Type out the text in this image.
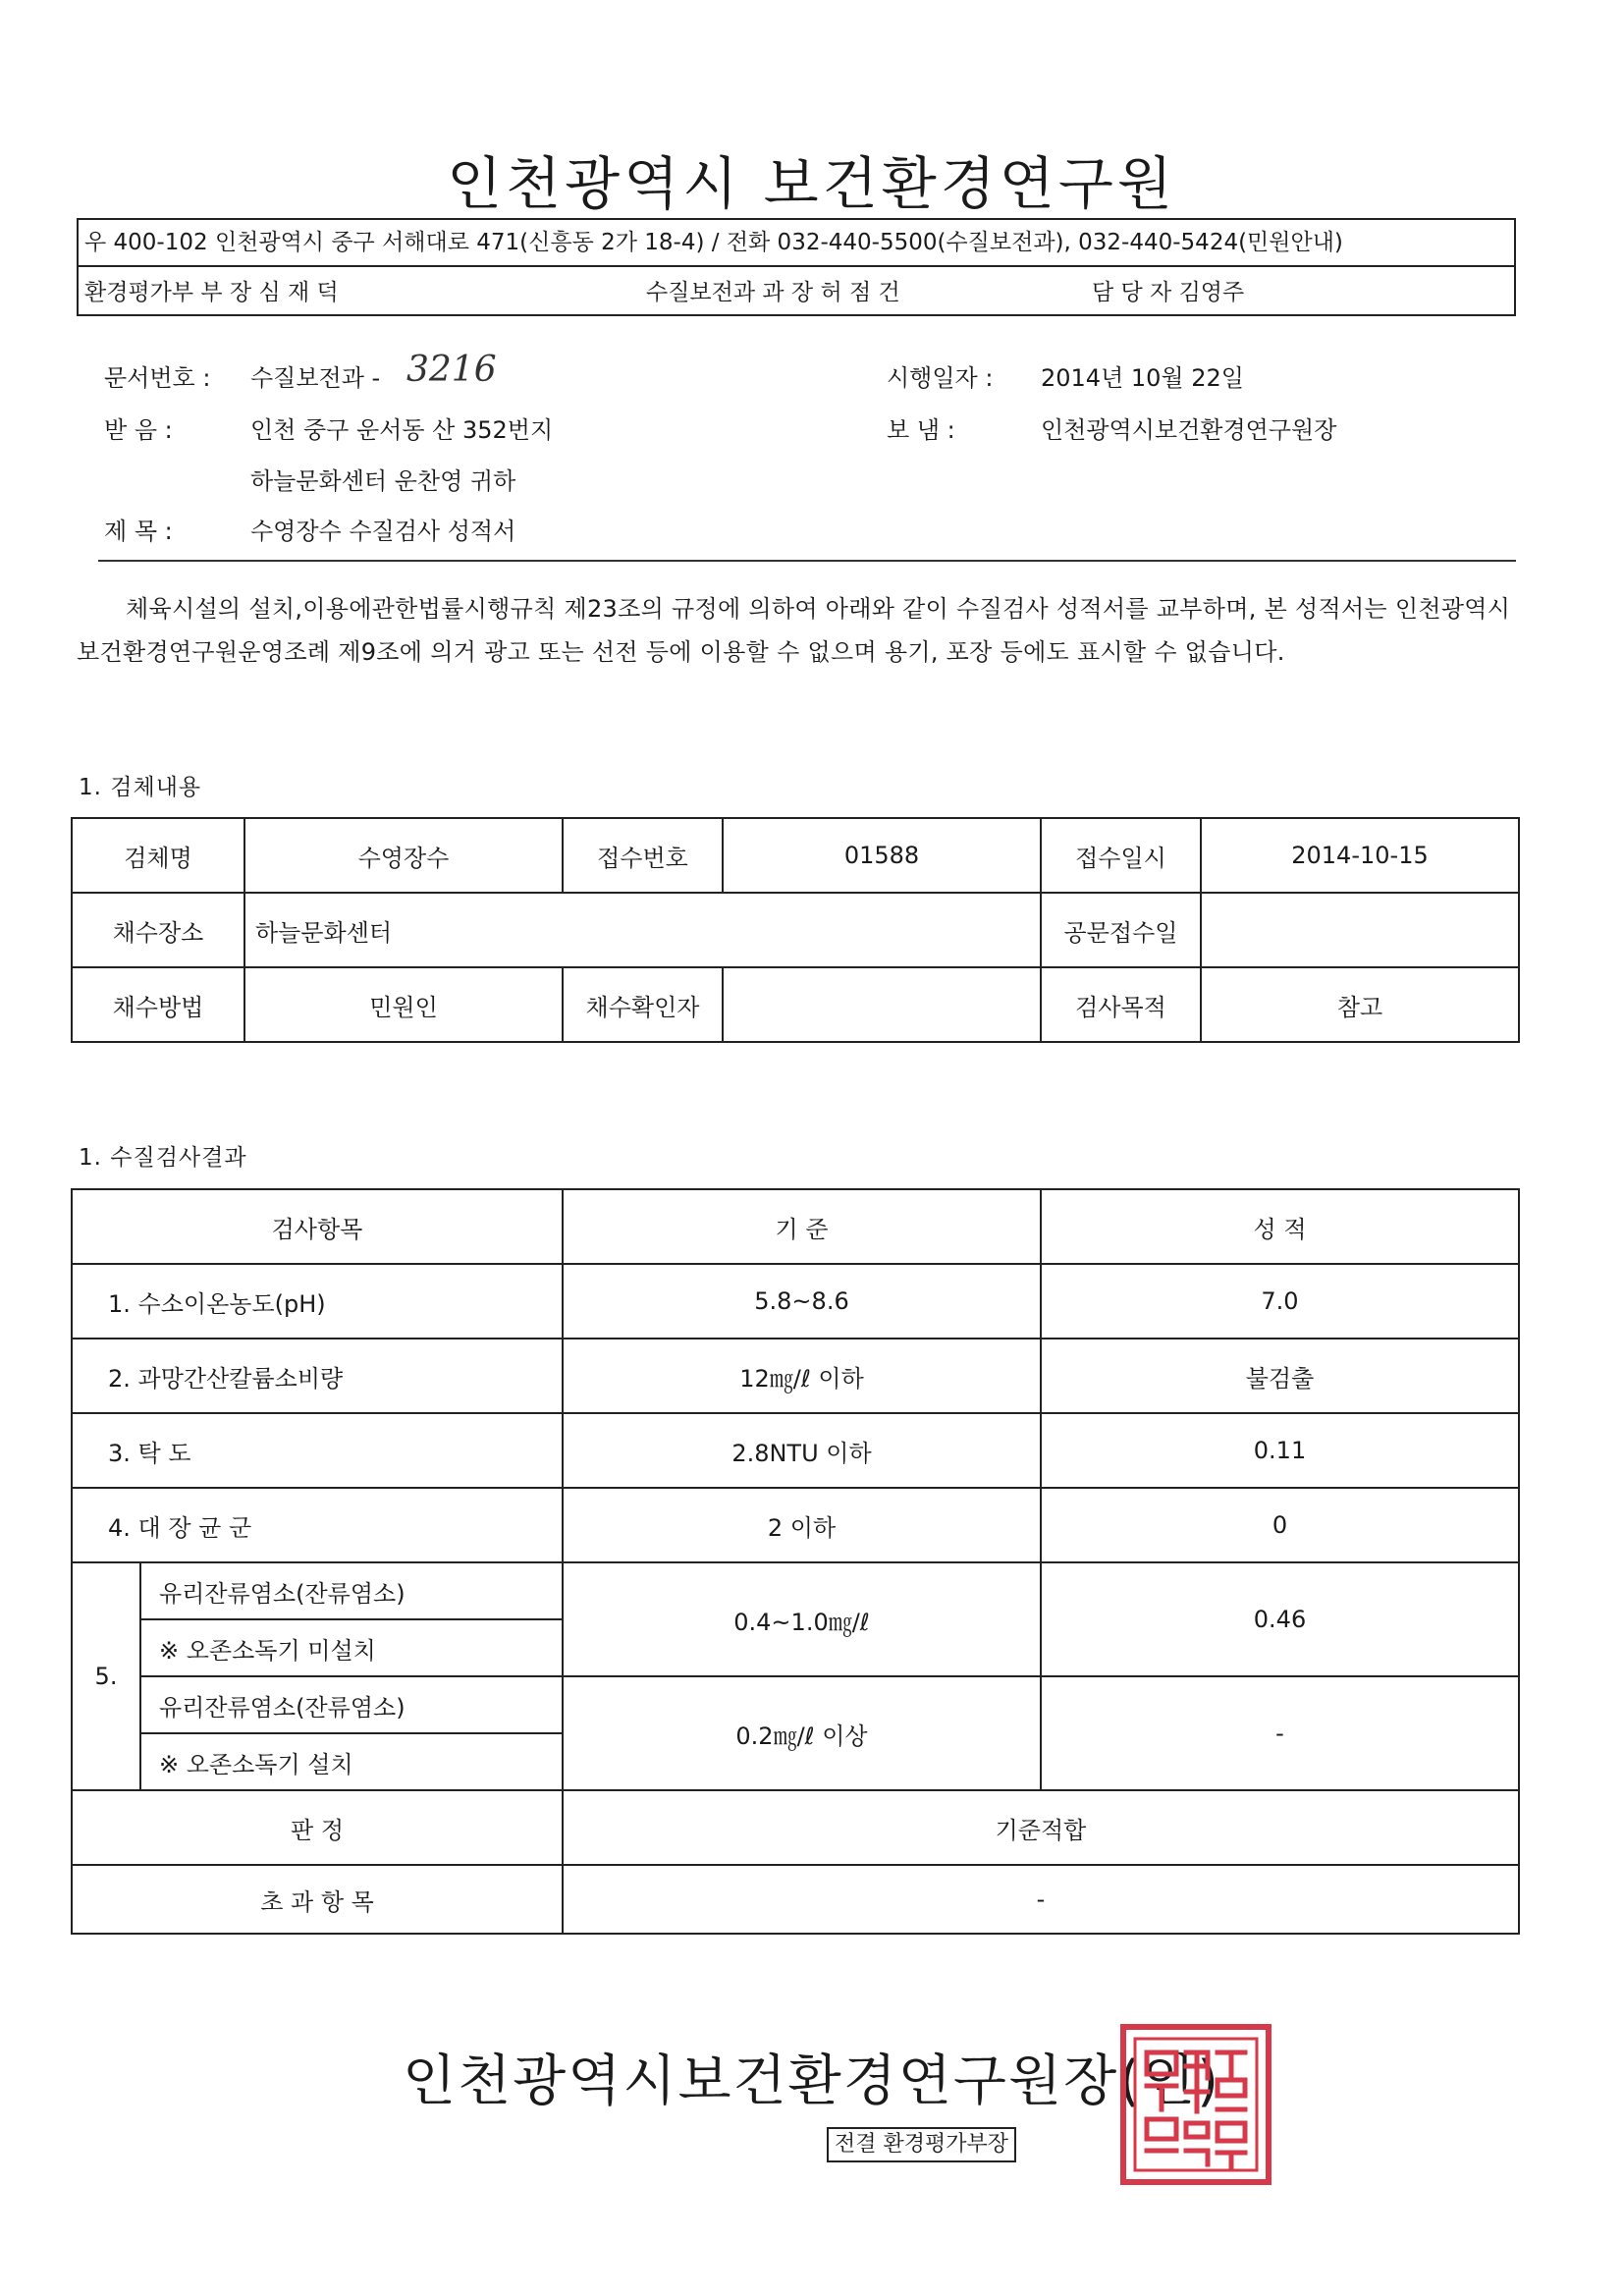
인천광역시 보건환경연구원
우 400-102 인천광역시 중구 서해대로 471(신흥동 2가 18-4) / 전화 032-440-5500(수질보전과), 032-440-5424(민원안내)
환경평가부 부 장 심 재 덕	수질보전과 과 장 허 점 건	담 당 자 김영주
문서번호 : 수질보전과 - 3216	시행일자 : 2014년 10월 22일
받 음 :	인천 중구 운서동 산 352번지	보 냄 :	인천광역시보건환경연구원장
하늘문화센터 운찬영 귀하
제 목 :	수영장수 수질검사 성적서
체육시설의 설치,이용에관한법률시행규칙 제23조의 규정에 의하여 아래와 같이 수질검사 성적서를 교부하며, 본 성적서는 인천광역시보건환경연구원운영조례 제9조에 의거 광고 또는 선전 등에 이용할 수 없으며 용기, 포장 등에도 표시할 수 없습니다.
1. 검체내용
검체명	수영장수	접수번호	01588	접수일시	2014-10-15
채수장소	하늘문화센터			공문접수일	
채수방법	민원인	채수확인자		검사목적	참고
1. 수질검사결과
검사항목		기 준	성 적
1. 수소이온농도(pH)		5.8~8.6	7.0
2. 과망간산칼륨소비량		12㎎/ℓ 이하	불검출
3. 탁 도		2.8NTU 이하	0.11
4. 대 장 균 군		2 이하	0
5.	유리잔류염소(잔류염소)	0.4~1.0㎎/ℓ	0.46
	※ 오존소독기 미설치		
	유리잔류염소(잔류염소)	0.2㎎/ℓ 이상	-
	※ 오존소독기 설치		
판 정		기준적합	
초 과 항 목		-	
인천광역시보건환경연구원장(인)
전결 환경평가부장
